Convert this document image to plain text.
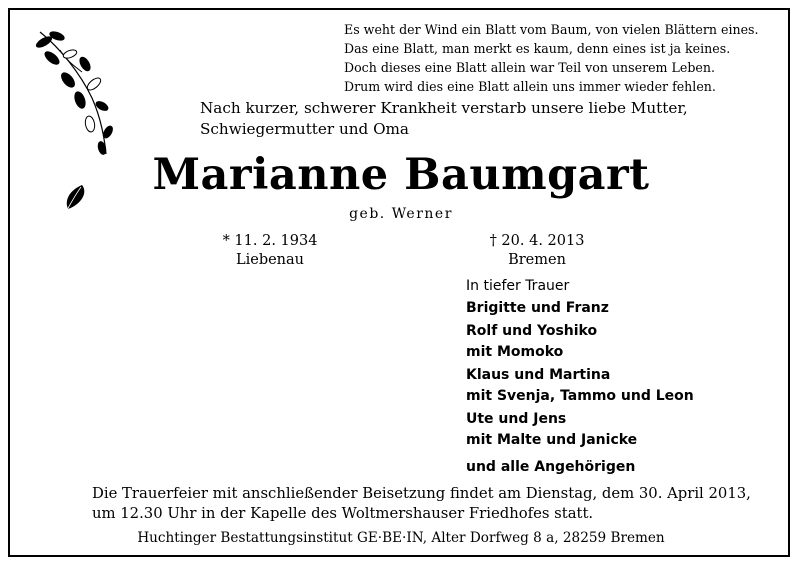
Es weht der Wind ein Blatt vom Baum, von vielen Blättern eines.
Das eine Blatt, man merkt es kaum, denn eines ist ja keines.
Doch dieses eine Blatt allein war Teil von unserem Leben.
Drum wird dies eine Blatt allein uns immer wieder fehlen.
Nach kurzer, schwerer Krankheit verstarb unsere liebe Mutter,
Schwiegermutter und Oma
Marianne Baumgart
geb. Werner
* 11. 2. 1934
Liebenau
† 20. 4. 2013
Bremen
In tiefer Trauer
Brigitte und Franz
Rolf und Yoshiko
mit Momoko
Klaus und Martina
mit Svenja, Tammo und Leon
Ute und Jens
mit Malte und Janicke
und alle Angehörigen
Die Trauerfeier mit anschließender Beisetzung findet am Dienstag, dem 30. April 2013,
um 12.30 Uhr in der Kapelle des Woltmershauser Friedhofes statt.
Huchtinger Bestattungsinstitut GE·BE·IN, Alter Dorfweg 8 a, 28259 Bremen
